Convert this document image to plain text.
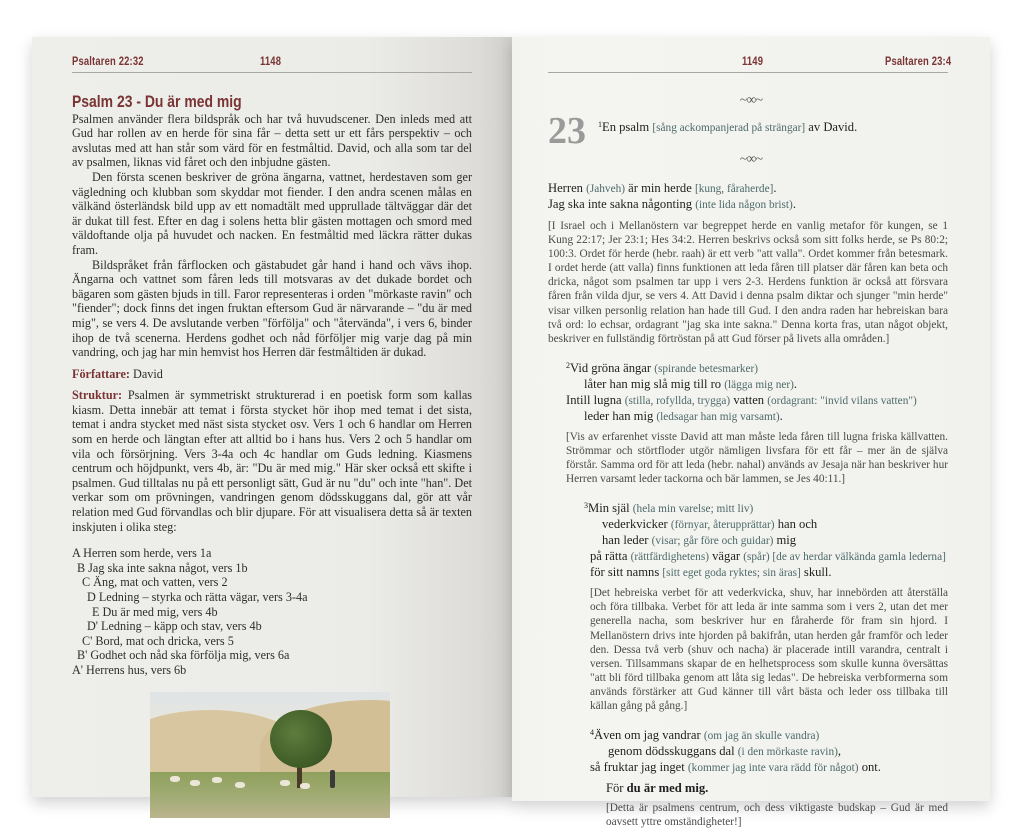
Psaltaren 22:32	1148
Psalm 23 - Du är med mig

Psalmen använder flera bildspråk och har två huvudscener. Den inleds med att Gud har rollen av en herde för sina får – detta sett ur ett fårs perspektiv – och avslutas med att han står som värd för en festmåltid. David, och alla som tar del av psalmen, liknas vid fåret och den inbjudne gästen.

Den första scenen beskriver de gröna ängarna, vattnet, herdestaven som ger vägledning och klubban som skyddar mot fiender. I den andra scenen målas en välkänd österländsk bild upp av ett nomadtält med upprullade tältväggar där det är dukat till fest. Efter en dag i solens hetta blir gästen mottagen och smord med väldoftande olja på huvudet och nacken. En festmåltid med läckra rätter dukas fram.

Bildspråket från fårflocken och gästabudet går hand i hand och vävs ihop. Ängarna och vattnet som fåren leds till motsvaras av det dukade bordet och bägaren som gästen bjuds in till. Faror representeras i orden "mörkaste ravin" och "fiender"; dock finns det ingen fruktan eftersom Gud är närvarande – "du är med mig", se vers 4. De avslutande verben "förfölja" och "återvända", i vers 6, binder ihop de två scenerna. Herdens godhet och nåd förföljer mig varje dag på min vandring, och jag har min hemvist hos Herren där festmåltiden är dukad.

Författare: David

Struktur: Psalmen är symmetriskt strukturerad i en poetisk form som kallas kiasm. Detta innebär att temat i första stycket hör ihop med temat i det sista, temat i andra stycket med näst sista stycket osv. Vers 1 och 6 handlar om Herren som en herde och längtan efter att alltid bo i hans hus. Vers 2 och 5 handlar om vila och försörjning. Vers 3-4a och 4c handlar om Guds ledning. Kiasmens centrum och höjdpunkt, vers 4b, är: "Du är med mig." Här sker också ett skifte i psalmen. Gud tilltalas nu på ett personligt sätt, Gud är nu "du" och inte "han". Det verkar som om prövningen, vandringen genom dödsskuggans dal, gör att vår relation med Gud förvandlas och blir djupare. För att visualisera detta så är texten inskjuten i olika steg:

A Herren som herde, vers 1a
B Jag ska inte sakna något, vers 1b
C Äng, mat och vatten, vers 2
D Ledning – styrka och rätta vägar, vers 3-4a
E Du är med mig, vers 4b
D' Ledning – käpp och stav, vers 4b
C' Bord, mat och dricka, vers 5
B' Godhet och nåd ska förfölja mig, vers 6a
A' Herrens hus, vers 6b
1149	Psaltaren 23:4
~∞~
23
~∞~
$^1$En psalm [sång ackompanjerad på strängar] av David.
Herren (Jahveh) är min herde [kung, fåraherde].
Jag ska inte sakna någonting (inte lida någon brist).
[I Israel och i Mellanöstern var begreppet herde en vanlig metafor för kungen, se 1 Kung 22:17; Jer 23:1; Hes 34:2. Herren beskrivs också som sitt folks herde, se Ps 80:2; 100:3. Ordet för herde (hebr. raah) är ett verb "att valla". Ordet kommer från betesmark. I ordet herde (att valla) finns funktionen att leda fåren till platser där fåren kan beta och dricka, något som psalmen tar upp i vers 2-3. Herdens funktion är också att försvara fåren från vilda djur, se vers 4. Att David i denna psalm diktar och sjunger "min herde" visar vilken personlig relation han hade till Gud. I den andra raden har hebreiskan bara två ord: lo echsar, ordagrant "jag ska inte sakna." Denna korta fras, utan något objekt, beskriver en fullständig förtröstan på att Gud förser på livets alla områden.]
$^2$Vid gröna ängar (spirande betesmarker)
låter han mig slå mig till ro (lägga mig ner).
Intill lugna (stilla, rofyllda, trygga) vatten (ordagrant: "invid vilans vatten")
leder han mig (ledsagar han mig varsamt).
[Vis av erfarenhet visste David att man måste leda fåren till lugna friska källvatten. Strömmar och störtfloder utgör nämligen livsfara för ett får – mer än de själva förstår. Samma ord för att leda (hebr. nahal) används av Jesaja när han beskriver hur Herren varsamt leder tackorna och bär lammen, se Jes 40:11.]
$^3$Min själ (hela min varelse; mitt liv)
vederkvicker (förnyar, återupprättar) han och
han leder (visar; går före och guidar) mig
på rätta (rättfärdighetens) vägar (spår) [de av herdar välkända gamla lederna]
för sitt namns [sitt eget goda ryktes; sin äras] skull.
[Det hebreiska verbet för att vederkvicka, shuv, har innebörden att återställa och föra tillbaka. Verbet för att leda är inte samma som i vers 2, utan det mer generella nacha, som beskriver hur en fåraherde för fram sin hjord. I Mellanöstern drivs inte hjorden på bakifrån, utan herden går framför och leder den. Dessa två verb (shuv och nacha) är placerade intill varandra, centralt i versen. Tillsammans skapar de en helhetsprocess som skulle kunna översättas "att bli förd tillbaka genom att låta sig ledas". De hebreiska verbformerna som används förstärker att Gud känner till vårt bästa och leder oss tillbaka till källan gång på gång.]
$^4$Även om jag vandrar (om jag än skulle vandra)
genom dödsskuggans dal (i den mörkaste ravin),
så fruktar jag inget (kommer jag inte vara rädd för något) ont.
För du är med mig.
[Detta är psalmens centrum, och dess viktigaste budskap – Gud är med oavsett yttre omständigheter!]
